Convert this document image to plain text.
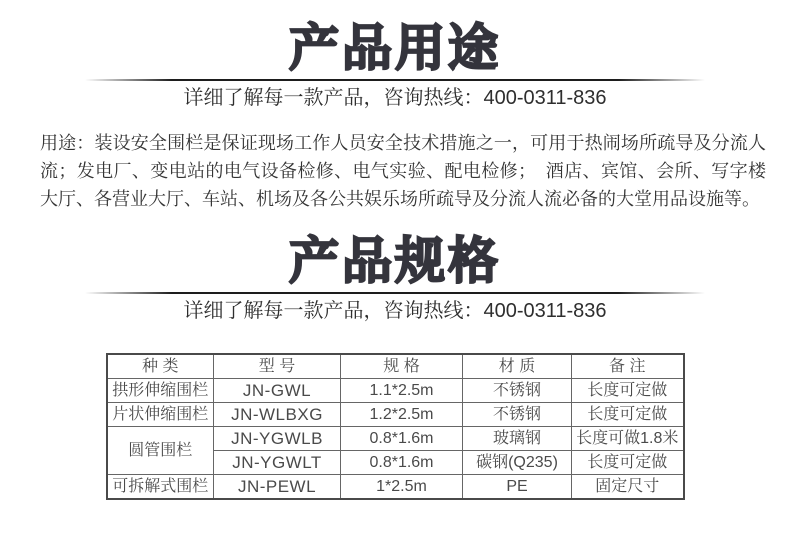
产品用途

详细了解每一款产品，咨询热线：400-0311-836

用途：装设安全围栏是保证现场工作人员安全技术措施之一，可用于热闹场所疏导及分流人流；发电厂、变电站的电气设备检修、电气实验、配电检修；　酒店、宾馆、会所、写字楼大厅、各营业大厅、车站、机场及各公共娱乐场所疏导及分流人流必备的大堂用品设施等。

产品规格

详细了解每一款产品，咨询热线：400-0311-836

种 类	型 号	规 格	材 质	备 注
拱形伸缩围栏	JN-GWL	1.1*2.5m	不锈钢	长度可定做
片状伸缩围栏	JN-WLBXG	1.2*2.5m	不锈钢	长度可定做
圆管围栏	JN-YGWLB	0.8*1.6m	玻璃钢	长度可做1.8米
	JN-YGWLT	0.8*1.6m	碳钢(Q235)	长度可定做
可拆解式围栏	JN-PEWL	1*2.5m	PE	固定尺寸
